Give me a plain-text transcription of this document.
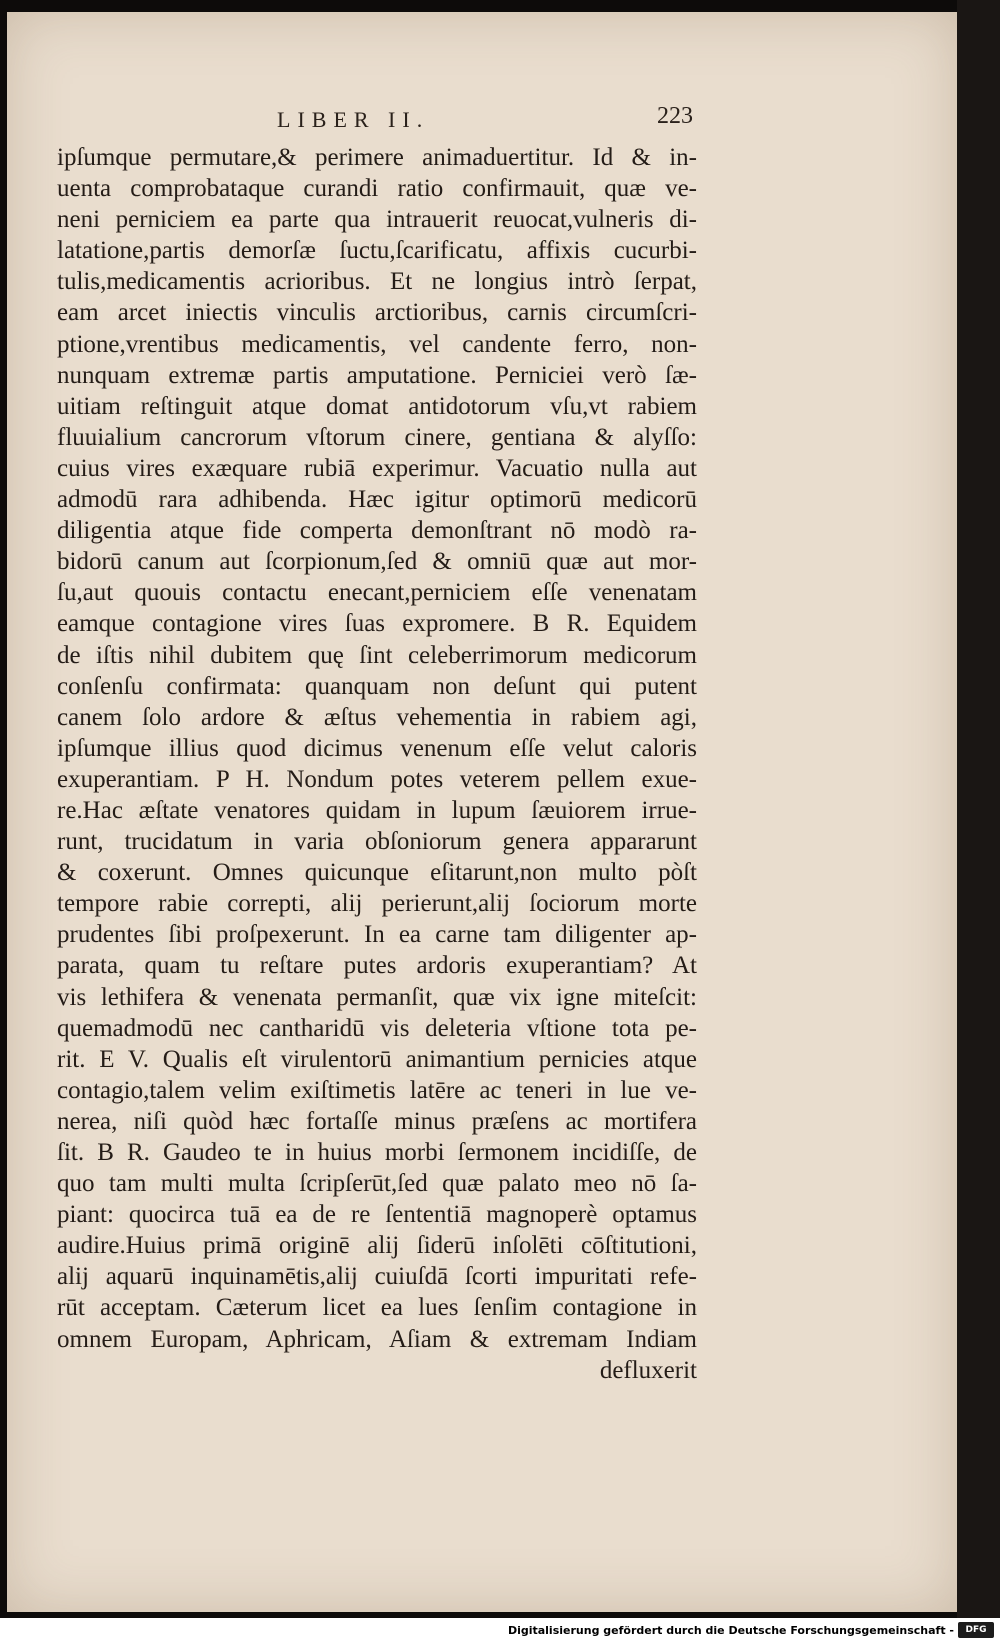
LIBER II.	223
ipſumque permutare,& perimere animaduertitur. Id & in-
uenta comprobataque curandi ratio confirmauit, quæ ve-
neni perniciem ea parte qua intrauerit reuocat,vulneris di-
latatione,partis demorſæ ſuctu,ſcarificatu, affixis cucurbi-
tulis,medicamentis acrioribus. Et ne longius intrò ſerpat,
eam arcet iniectis vinculis arctioribus, carnis circumſcri-
ptione,vrentibus medicamentis, vel candente ferro, non-
nunquam extremæ partis amputatione. Perniciei verò ſæ-
uitiam reſtinguit atque domat antidotorum vſu,vt rabiem
fluuialium cancrorum vſtorum cinere, gentiana & alyſſo:
cuius vires exæquare rubiā experimur. Vacuatio nulla aut
admodū rara adhibenda. Hæc igitur optimorū medicorū
diligentia atque fide comperta demonſtrant nō modò ra-
bidorū canum aut ſcorpionum,ſed & omniū quæ aut mor-
ſu,aut quouis contactu enecant,perniciem eſſe venenatam
eamque contagione vires ſuas expromere. B R. Equidem
de iſtis nihil dubitem quę ſint celeberrimorum medicorum
conſenſu confirmata: quanquam non deſunt qui putent
canem ſolo ardore & æſtus vehementia in rabiem agi,
ipſumque illius quod dicimus venenum eſſe velut caloris
exuperantiam. P H. Nondum potes veterem pellem exue-
re.Hac æſtate venatores quidam in lupum ſæuiorem irrue-
runt, trucidatum in varia obſoniorum genera appararunt
& coxerunt. Omnes quicunque eſitarunt,non multo pòſt
tempore rabie correpti, alij perierunt,alij ſociorum morte
prudentes ſibi proſpexerunt. In ea carne tam diligenter ap-
parata, quam tu reſtare putes ardoris exuperantiam? At
vis lethifera & venenata permanſit, quæ vix igne miteſcit:
quemadmodū nec cantharidū vis deleteria vſtione tota pe-
rit. E V. Qualis eſt virulentorū animantium pernicies atque
contagio,talem velim exiſtimetis latēre ac teneri in lue ve-
nerea, niſi quòd hæc fortaſſe minus præſens ac mortifera
ſit. B R. Gaudeo te in huius morbi ſermonem incidiſſe, de
quo tam multi multa ſcripſerūt,ſed quæ palato meo nō ſa-
piant: quocirca tuā ea de re ſententiā magnoperè optamus
audire.Huius primā originē alij ſiderū inſolēti cōſtitutioni,
alij aquarū inquinamētis,alij cuiuſdā ſcorti impuritati refe-
rūt acceptam. Cæterum licet ea lues ſenſim contagione in
omnem Europam, Aphricam, Aſiam & extremam Indiam
defluxerit
Digitalisierung gefördert durch die Deutsche Forschungsgemeinschaft -	DFG
